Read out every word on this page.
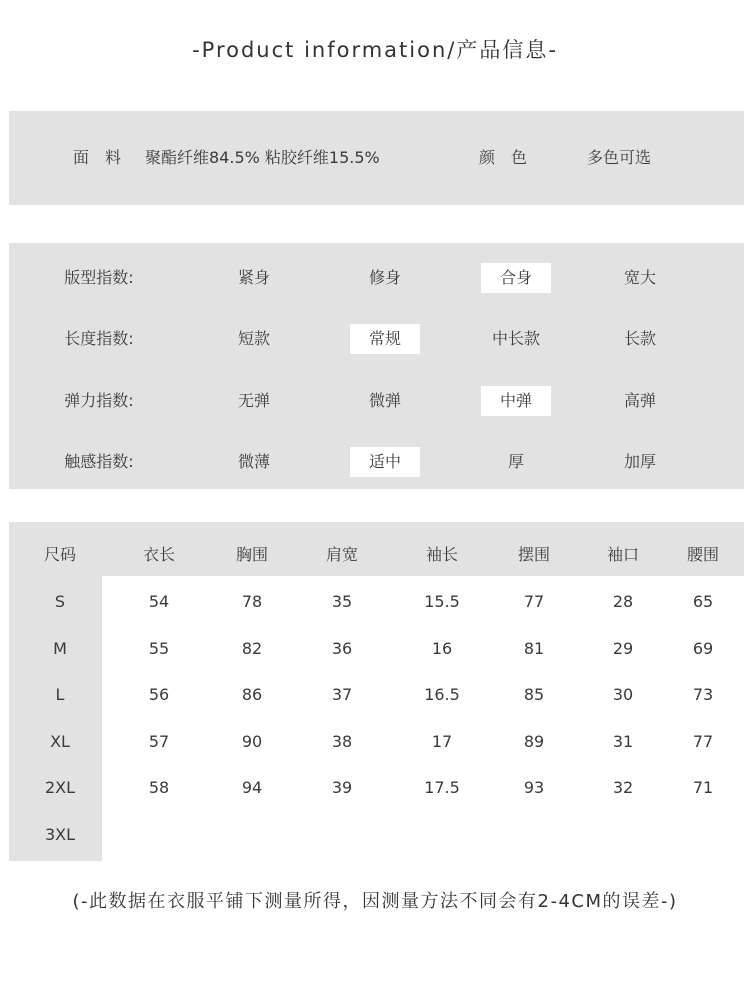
-Product information/产品信息-
面　料 聚酯纤维84.5% 粘胶纤维15.5%	颜　色	多色可选
版型指数:	紧身	修身	合身	宽大
长度指数:	短款	常规	中长款	长款
弹力指数:	无弹	微弹	中弹	高弹
触感指数:	微薄	适中	厚	加厚
尺码	衣长	胸围	肩宽	袖长	摆围	袖口	腰围
S	54	78	35	15.5	77	28	65
M	55	82	36	16	81	29	69
L	56	86	37	16.5	85	30	73
XL	57	90	38	17	89	31	77
2XL	58	94	39	17.5	93	32	71
3XL
(-此数据在衣服平铺下测量所得，因测量方法不同会有2-4CM的误差-)
